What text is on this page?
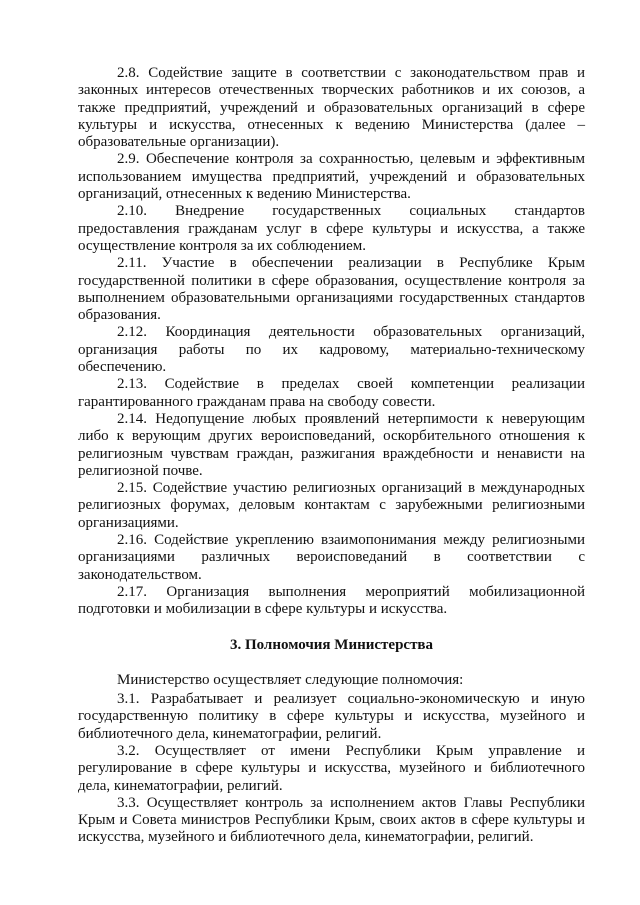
2.8. Содействие защите в соответствии с законодательством прав и законных интересов отечественных творческих работников и их союзов, а также предприятий, учреждений и образовательных организаций в сфере культуры и искусства, отнесенных к ведению Министерства (далее – образовательные организации).

2.9. Обеспечение контроля за сохранностью, целевым и эффективным использованием имущества предприятий, учреждений и образовательных организаций, отнесенных к ведению Министерства.

2.10. Внедрение государственных социальных стандартов предоставления гражданам услуг в сфере культуры и искусства, а также осуществление контроля за их соблюдением.

2.11. Участие в обеспечении реализации в Республике Крым государственной политики в сфере образования, осуществление контроля за выполнением образовательными организациями государственных стандартов образования.

2.12. Координация деятельности образовательных организаций, организация работы по их кадровому, материально-техническому обеспечению.

2.13. Содействие в пределах своей компетенции реализации гарантированного гражданам права на свободу совести.

2.14. Недопущение любых проявлений нетерпимости к неверующим либо к верующим других вероисповеданий, оскорбительного отношения к религиозным чувствам граждан, разжигания враждебности и ненависти на религиозной почве.

2.15. Содействие участию религиозных организаций в международных религиозных форумах, деловым контактам с зарубежными религиозными организациями.

2.16. Содействие укреплению взаимопонимания между религиозными организациями различных вероисповеданий в соответствии с законодательством.

2.17. Организация выполнения мероприятий мобилизационной подготовки и мобилизации в сфере культуры и искусства.

3. Полномочия Министерства

Министерство осуществляет следующие полномочия:

3.1. Разрабатывает и реализует социально-экономическую и иную государственную политику в сфере культуры и искусства, музейного и библиотечного дела, кинематографии, религий.

3.2. Осуществляет от имени Республики Крым управление и регулирование в сфере культуры и искусства, музейного и библиотечного дела, кинематографии, религий.

3.3. Осуществляет контроль за исполнением актов Главы Республики Крым и Совета министров Республики Крым, своих актов в сфере культуры и искусства, музейного и библиотечного дела, кинематографии, религий.
